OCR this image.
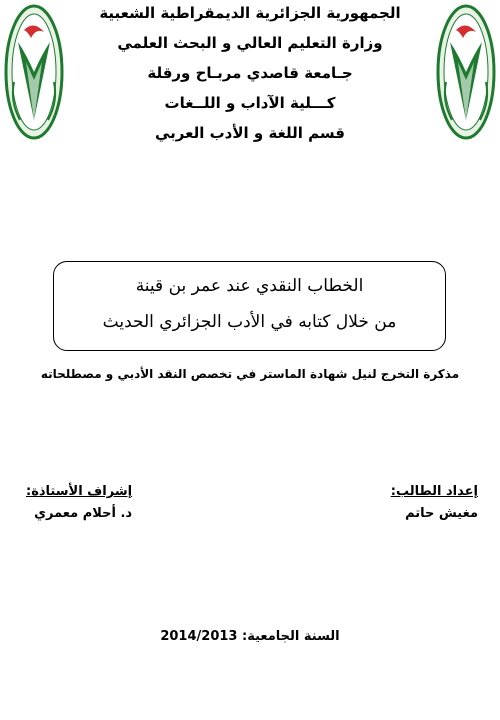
الجمهورية الجزائرية الديمقراطية الشعبية
وزارة التعليم العالي و البحث العلمي
جـامعة قاصدي مربـاح ورقلة
كـــلية الآداب و اللــغات
قسم اللغة و الأدب العربي
الخطاب النقدي عند عمر بن قينة
من خلال كتابه في الأدب الجزائري الحديث
مذكرة التخرج لنيل شهادة الماستر في تخصص النقد الأدبي و مصطلحاته
إعداد الطالب:
مغيش حاتم
إشراف الأستاذة:
د. أحلام معمري
السنة الجامعية: 2014/2013
